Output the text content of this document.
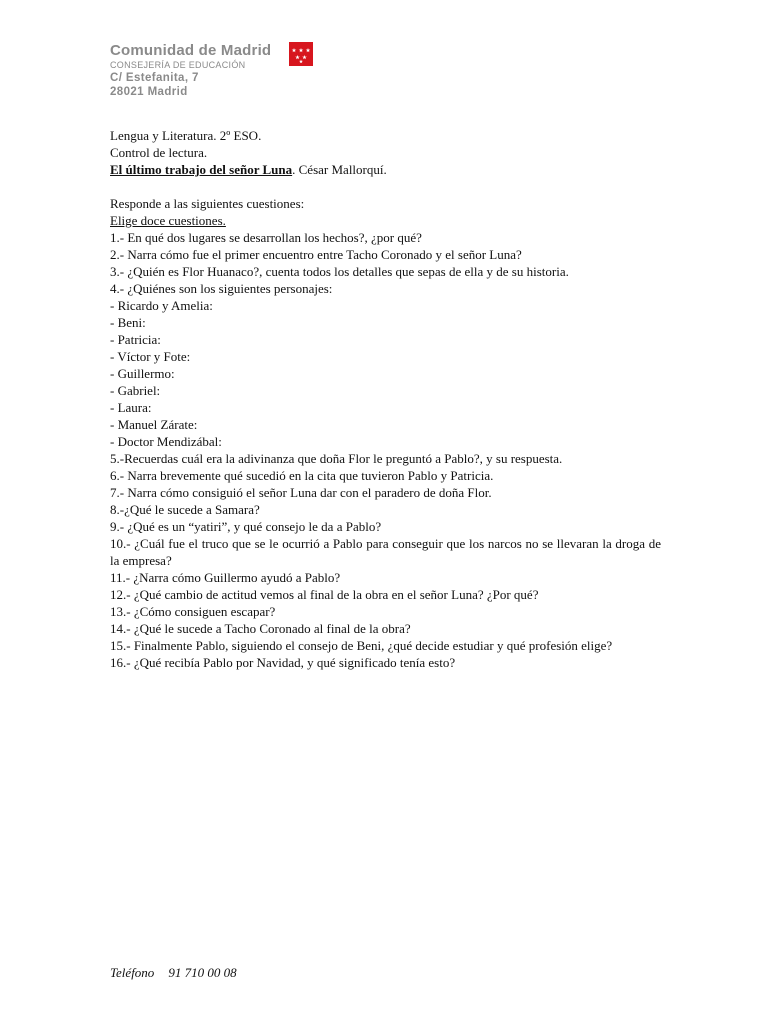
Comunidad de Madrid
CONSEJERÍA DE EDUCACIÓN
C/ Estefanita, 7
28021 Madrid
Lengua y Literatura. 2º ESO.
Control de lectura.
El último trabajo del señor Luna. César Mallorquí.
Responde a las siguientes cuestiones:
Elige doce cuestiones.
1.- En qué dos lugares se desarrollan los hechos?, ¿por qué?
2.- Narra cómo fue el primer encuentro entre Tacho Coronado y el señor Luna?
3.- ¿Quién es Flor Huanaco?, cuenta todos los detalles que sepas de ella y de su historia.
4.- ¿Quiénes son los siguientes personajes:
- Ricardo y Amelia:
- Beni:
- Patricia:
- Víctor y Fote:
- Guillermo:
- Gabriel:
- Laura:
- Manuel Zárate:
- Doctor Mendizábal:
5.-Recuerdas cuál era la adivinanza que doña Flor le preguntó a Pablo?, y su respuesta.
6.- Narra brevemente qué sucedió en la cita que tuvieron Pablo y Patricia.
7.- Narra cómo consiguió el señor Luna dar con el paradero de doña Flor.
8.-¿Qué le sucede a Samara?
9.- ¿Qué es un “yatiri”, y qué consejo le da a Pablo?
10.- ¿Cuál fue el truco que se le ocurrió a Pablo para conseguir que los narcos no se llevaran la droga de la empresa?
11.- ¿Narra cómo Guillermo ayudó a Pablo?
12.- ¿Qué cambio de actitud vemos al final de la obra en el señor Luna? ¿Por qué?
13.- ¿Cómo consiguen escapar?
14.- ¿Qué le sucede a Tacho Coronado al final de la obra?
15.- Finalmente Pablo, siguiendo el consejo de Beni, ¿qué decide estudiar y qué profesión elige?
16.- ¿Qué recibía Pablo por Navidad, y qué significado tenía esto?
Teléfono 91 710 00 08
